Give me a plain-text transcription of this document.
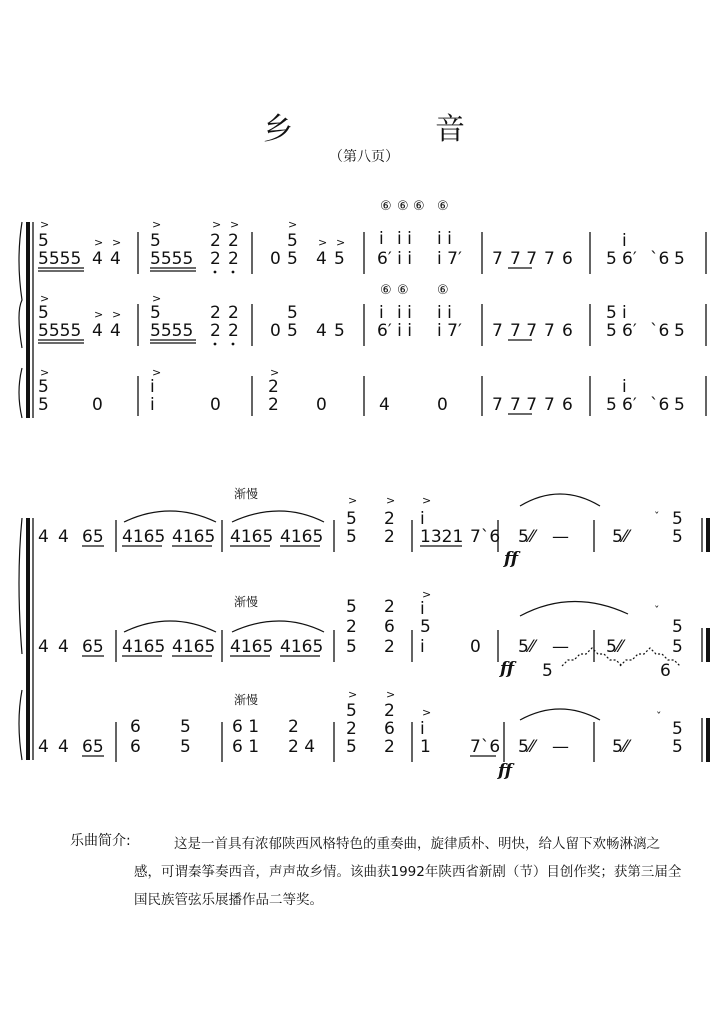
乡　音
（第八页）
>
5
5555
> >
4 4
>
5
5555
> >
2 2
2 2 0
>
5
5
> >
4 5
⑥ ⑥ ⑥ ⑥
i i i i i
6′ i i i 7′ 7 7 7 7 6 5
i
6′ ˋ6 5
>
5
5555
> >
4 4
>
5
5555
2 2
2 2 0
5
5 4 5
⑥ ⑥ ⑥
i i i i i
6′ i i i 7′ 7 7 7 7 6
5
5
i
6′ ˋ6 5
>
5
5	0
>
i
i	0
>
2
2 0	4	0	7 7 7 7 6 5
i
6′ ˋ6 5
渐慢
渐慢
渐慢
4 4 65 4165 4165 4165 4165
>	>
5 2
5 2
>
i
1321 7ˋ6 5⁄⁄ —
ff
5⁄⁄
ˇ 5
5
4 4 65 4165 4165 4165 4165
5 2
2 6
5 2
>
i
5
i	0 5⁄⁄ —
5
ff
5⁄⁄
6
ˇ
5
5
4 4 65
6
6
5
5
6 1
6 1
2
2 4
>	>
5 2
2 6
5 2
>
i
1 7ˋ6 5⁄⁄ —
ff
5⁄⁄
ˇ
5
5
乐曲简介:	这是一首具有浓郁陕西风格特色的重奏曲，旋律质朴、明快，给人留下欢畅淋漓之感，可谓秦筝奏西音，声声故乡情。该曲获1992年陕西省新剧（节）目创作奖；获第三届全国民族管弦乐展播作品二等奖。
